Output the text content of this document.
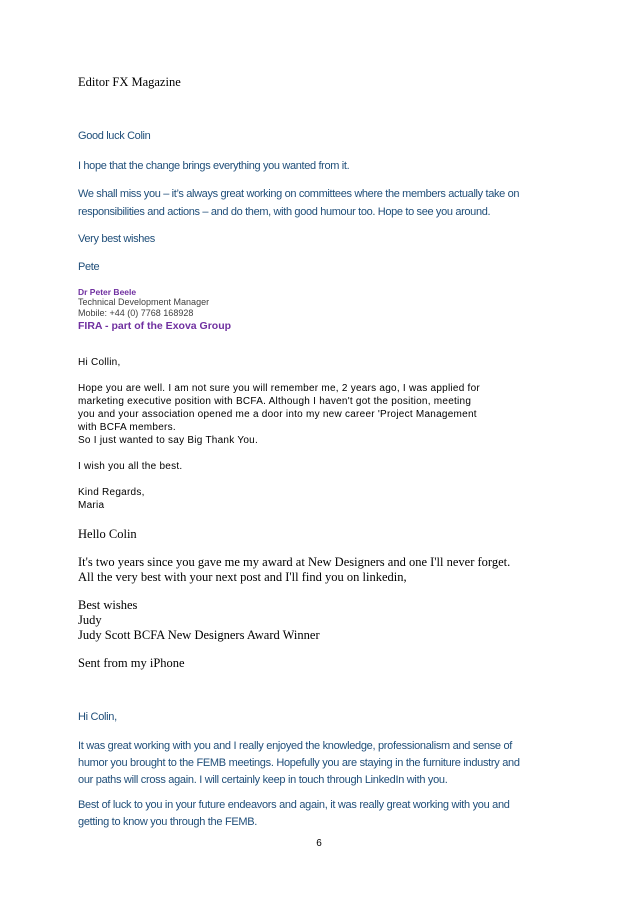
Editor FX Magazine
Good luck Colin
I hope that the change brings everything you wanted from it.
We shall miss you – it’s always great working on committees where the members actually take on
responsibilities and actions – and do them, with good humour too. Hope to see you around.
Very best wishes
Pete
Dr Peter Beele
Technical Development Manager
Mobile: +44 (0) 7768 168928
FIRA - part of the Exova Group
Hi Collin,
Hope you are well. I am not sure you will remember me, 2 years ago, I was applied for
marketing executive position with BCFA. Although I haven't got the position, meeting
you and your association opened me a door into my new career 'Project Management
with BCFA members.
So I just wanted to say Big Thank You.
I wish you all the best.
Kind Regards,
Maria
Hello Colin
It's two years since you gave me my award at New Designers and one I'll never forget.
All the very best with your next post and I'll find you on linkedin,
Best wishes
Judy
Judy Scott BCFA New Designers Award Winner
Sent from my iPhone
Hi Colin,
It was great working with you and I really enjoyed the knowledge, professionalism and sense of
humor you brought to the FEMB meetings. Hopefully you are staying in the furniture industry and
our paths will cross again. I will certainly keep in touch through LinkedIn with you.
Best of luck to you in your future endeavors and again, it was really great working with you and
getting to know you through the FEMB.
6
